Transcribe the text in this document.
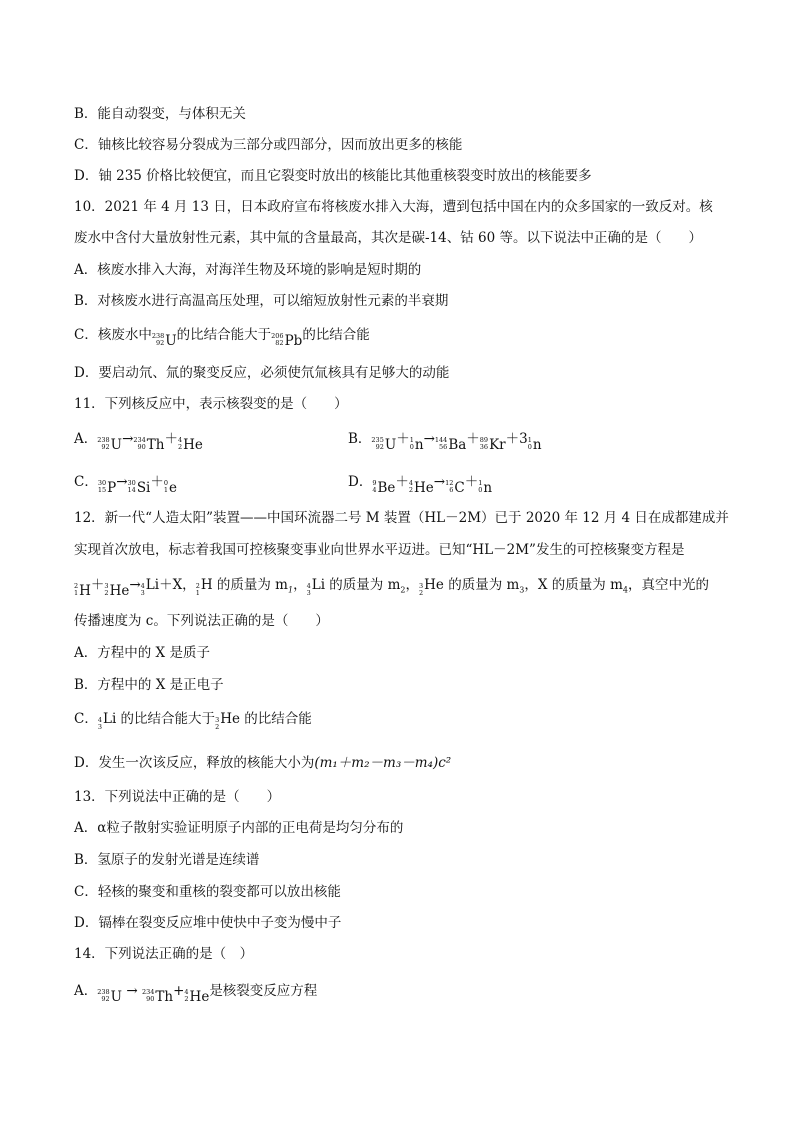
B．能自动裂变，与体积无关
C．铀核比较容易分裂成为三部分或四部分，因而放出更多的核能
D．铀 235 价格比较便宜，而且它裂变时放出的核能比其他重核裂变时放出的核能要多
10．2021 年 4 月 13 日，日本政府宣布将核废水排入大海，遭到包括中国在内的众多国家的一致反对。核
废水中含付大量放射性元素，其中氚的含量最高，其次是碳-14、钴 60 等。以下说法中正确的是（　　）
A．核废水排入大海，对海洋生物及环境的影响是短时期的
B．对核废水进行高温高压处理，可以缩短放射性元素的半衰期
C．核废水中 238
92 U 的比结合能大于 206
82 Pb 的比结合能
D．要启动氘、氚的聚变反应，必须使氘氚核具有足够大的动能
11．下列核反应中，表示核裂变的是（　　）
A． 238
92 U → 234
90 Th ＋ 4
2 He	B． 235
92 U ＋ 1
0 n → 144
56 Ba ＋ 89
36 Kr ＋3 1
0 n
C． 30
15 P → 30
14 Si ＋ 0
1 e	D． 9
4 Be ＋ 4
2 He → 12
6 C ＋ 1
0 n
12．新一代“人造太阳”装置——中国环流器二号 M 装置（HL－2M）已于 2020 年 12 月 4 日在成都建成并
实现首次放电，标志着我国可控核聚变事业向世界水平迈进。已知“HL－2M”发生的可控核聚变方程是
2
1 H＋ 3
2 He→ 4
3 Li＋X， 2
1 H 的质量为 $m_1$， 4
3 Li 的质量为 $m_2$， 3
2 He 的质量为 $m_3$，X 的质量为 $m_4$，真空中光的
传播速度为 c。下列说法正确的是（　　）
A．方程中的 X 是质子
B．方程中的 X 是正电子
C． 4
3 Li 的比结合能大于 3
2 He 的比结合能
D．发生一次该反应，释放的核能大小为(m₁＋m₂－m₃－m₄)c²
13．下列说法中正确的是（　　）
A．α粒子散射实验证明原子内部的正电荷是均匀分布的
B．氢原子的发射光谱是连续谱
C．轻核的聚变和重核的裂变都可以放出核能
D．镉棒在裂变反应堆中使快中子变为慢中子
14．下列说法正确的是（　）
A． 238
92 U → 234
90 Th+ 4
2 He是核裂变反应方程
